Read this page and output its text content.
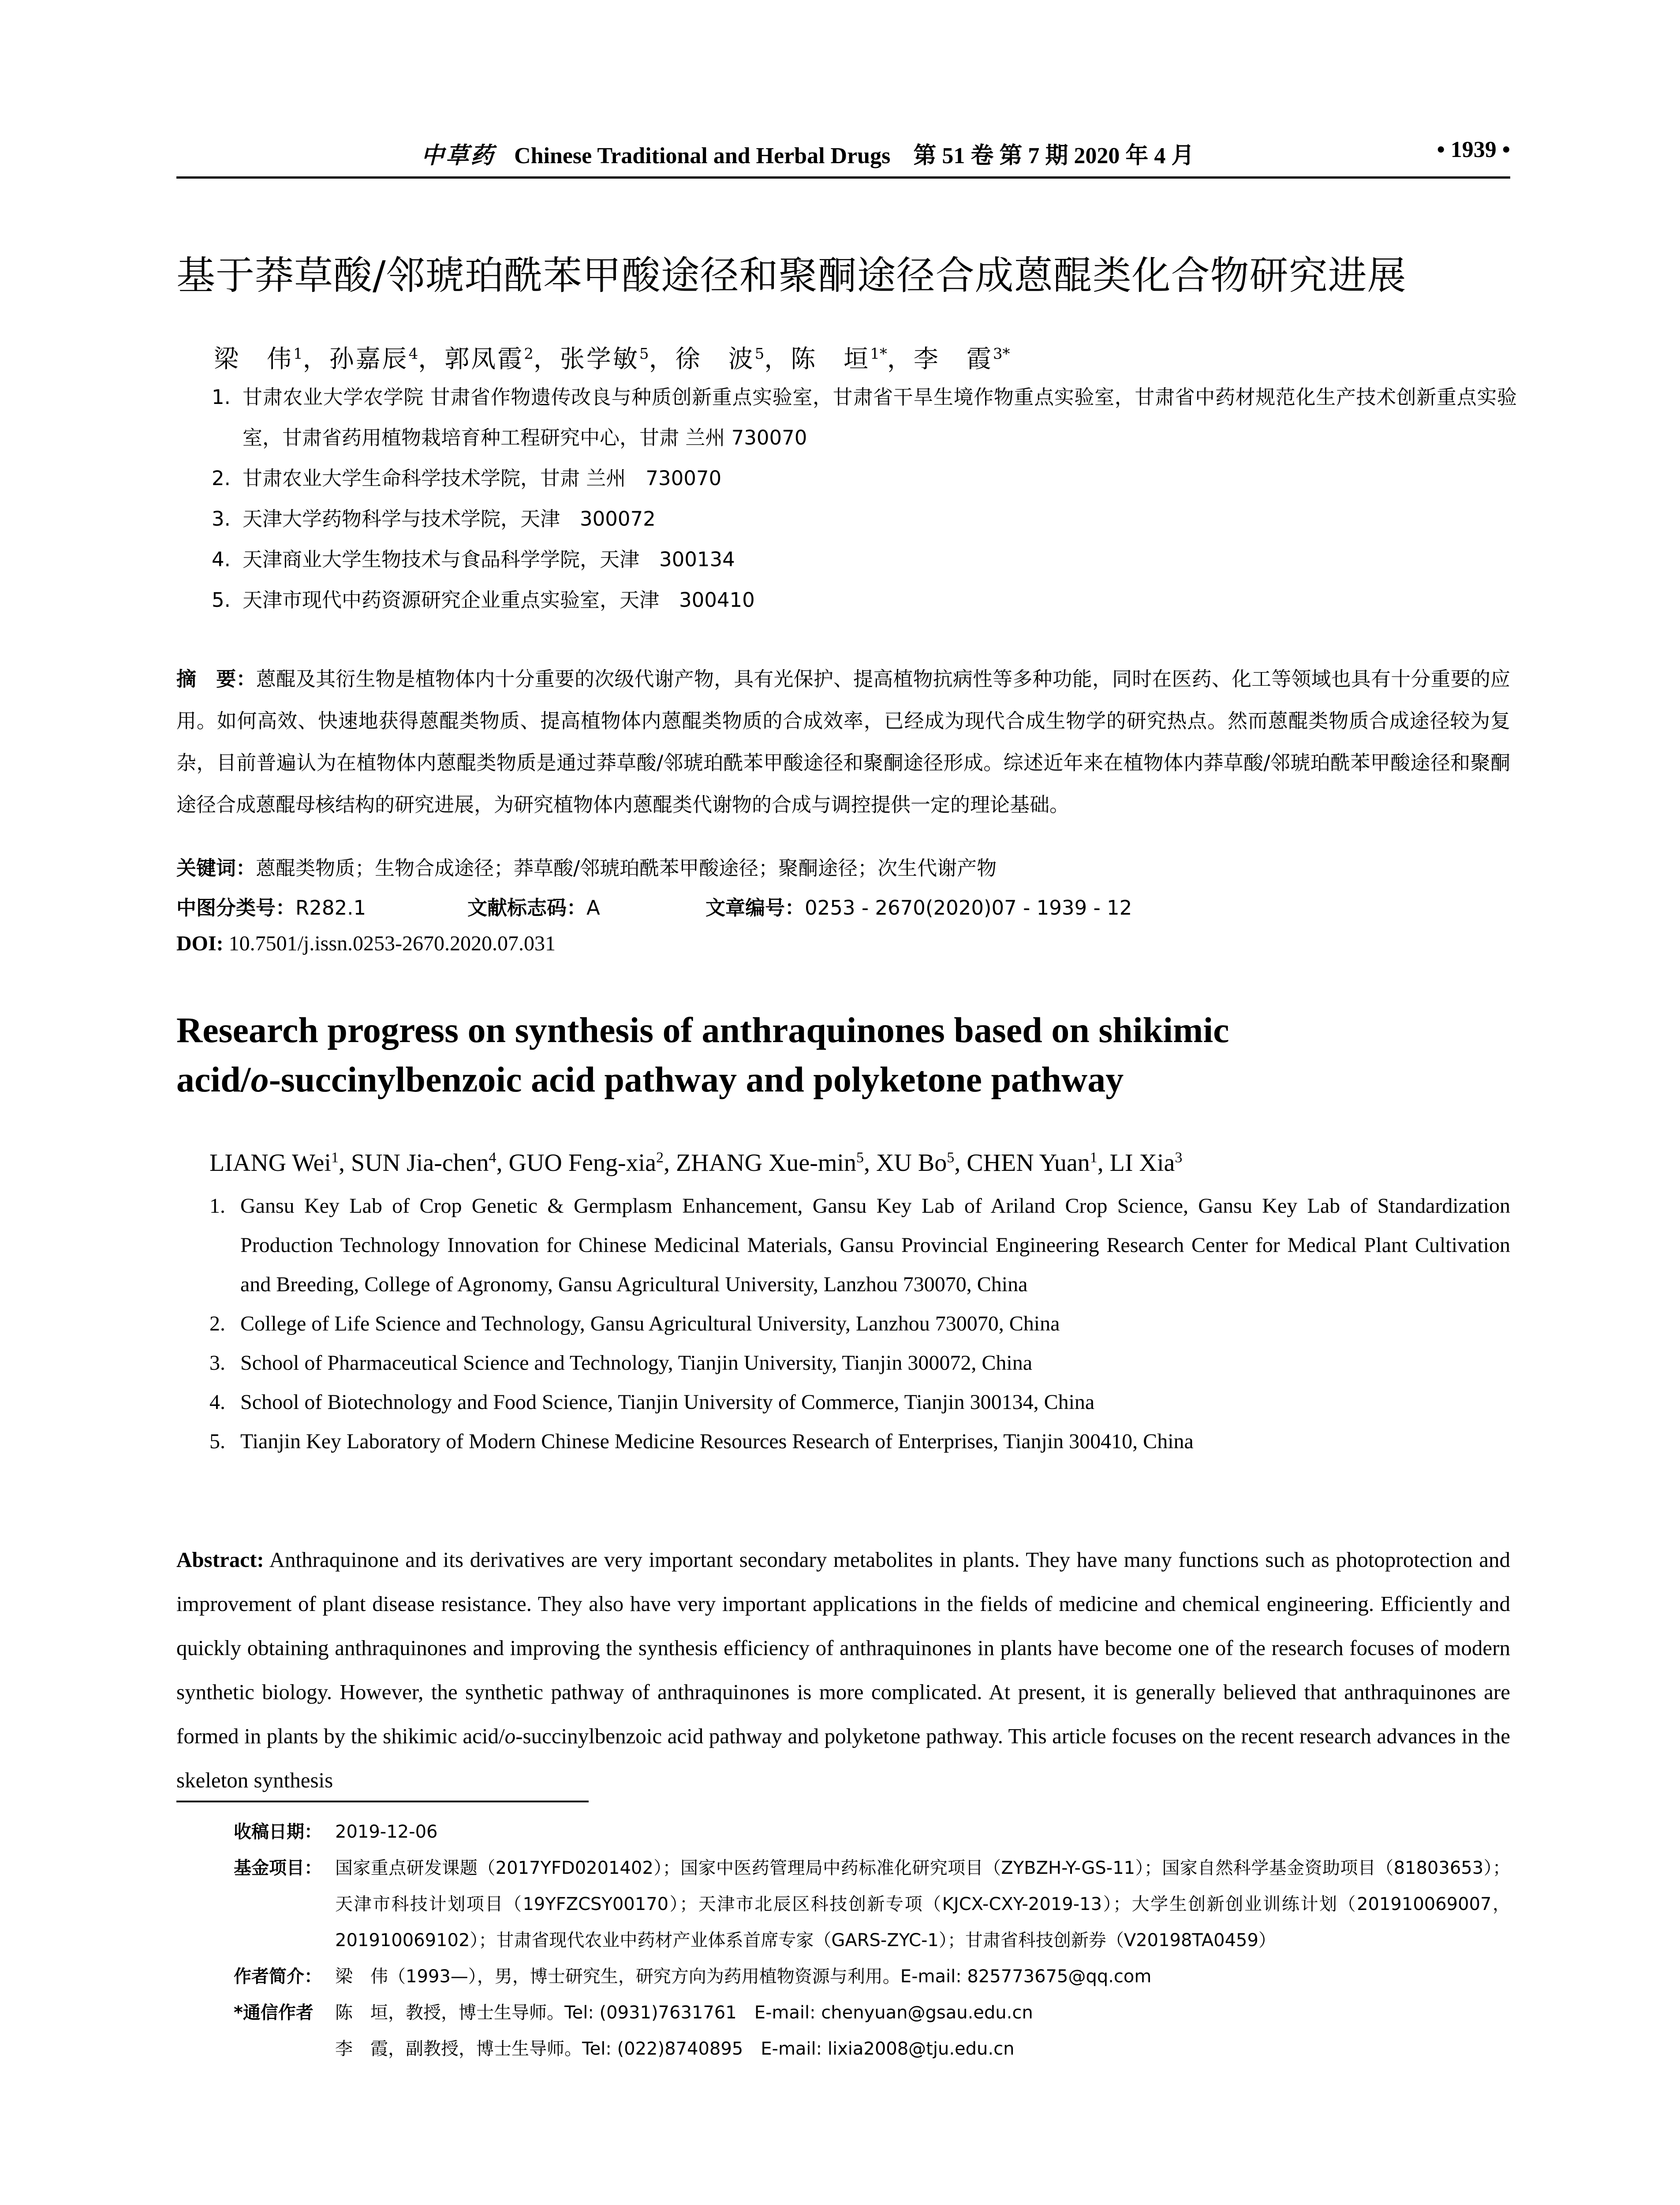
中草药 Chinese Traditional and Herbal Drugs　第 51 卷 第 7 期 2020 年 4 月	• 1939 •
基于莽草酸/邻琥珀酰苯甲酸途径和聚酮途径合成蒽醌类化合物研究进展
梁　伟$^1$，孙嘉辰$^4$，郭凤霞$^2$，张学敏$^5$，徐　波$^5$，陈　垣$^{1*}$，李　霞$^{3*}$
1. 甘肃农业大学农学院 甘肃省作物遗传改良与种质创新重点实验室，甘肃省干旱生境作物重点实验室，甘肃省中药材规范化生产技术创新重点实验室，甘肃省药用植物栽培育种工程研究中心，甘肃 兰州 730070
2. 甘肃农业大学生命科学技术学院，甘肃 兰州　730070
3. 天津大学药物科学与技术学院，天津　300072
4. 天津商业大学生物技术与食品科学学院，天津　300134
5. 天津市现代中药资源研究企业重点实验室，天津　300410
摘　要：蒽醌及其衍生物是植物体内十分重要的次级代谢产物，具有光保护、提高植物抗病性等多种功能，同时在医药、化工等领域也具有十分重要的应用。如何高效、快速地获得蒽醌类物质、提高植物体内蒽醌类物质的合成效率，已经成为现代合成生物学的研究热点。然而蒽醌类物质合成途径较为复杂，目前普遍认为在植物体内蒽醌类物质是通过莽草酸/邻琥珀酰苯甲酸途径和聚酮途径形成。综述近年来在植物体内莽草酸/邻琥珀酰苯甲酸途径和聚酮途径合成蒽醌母核结构的研究进展，为研究植物体内蒽醌类代谢物的合成与调控提供一定的理论基础。
关键词：蒽醌类物质；生物合成途径；莽草酸/邻琥珀酰苯甲酸途径；聚酮途径；次生代谢产物
中图分类号：R282.1	文献标志码：A	文章编号：0253 - 2670(2020)07 - 1939 - 12
DOI: 10.7501/j.issn.0253-2670.2020.07.031
Research progress on synthesis of anthraquinones based on shikimic
acid/o-succinylbenzoic acid pathway and polyketone pathway
LIANG Wei$^1$, SUN Jia-chen$^4$, GUO Feng-xia$^2$, ZHANG Xue-$\min^5$, XU Bo$^5$, CHEN Yuan$^1$, LI Xia$^3$
1. Gansu Key Lab of Crop Genetic & Germplasm Enhancement, Gansu Key Lab of Ariland Crop Science, Gansu Key Lab of Standardization Production Technology Innovation for Chinese Medicinal Materials, Gansu Provincial Engineering Research Center for Medical Plant Cultivation and Breeding, College of Agronomy, Gansu Agricultural University, Lanzhou 730070, China
2. College of Life Science and Technology, Gansu Agricultural University, Lanzhou 730070, China
3. School of Pharmaceutical Science and Technology, Tianjin University, Tianjin 300072, China
4. School of Biotechnology and Food Science, Tianjin University of Commerce, Tianjin 300134, China
5. Tianjin Key Laboratory of Modern Chinese Medicine Resources Research of Enterprises, Tianjin 300410, China
Abstract: Anthraquinone and its derivatives are very important secondary metabolites in plants. They have many functions such as photoprotection and improvement of plant disease resistance. They also have very important applications in the fields of medicine and chemical engineering. Efficiently and quickly obtaining anthraquinones and improving the synthesis efficiency of anthraquinones in plants have become one of the research focuses of modern synthetic biology. However, the synthetic pathway of anthraquinones is more complicated. At present, it is generally believed that anthraquinones are formed in plants by the shikimic acid/o-succinylbenzoic acid pathway and polyketone pathway. This article focuses on the recent research advances in the skeleton synthesis
收稿日期： 2019-12-06
基金项目： 国家重点研发课题（2017YFD0201402）；国家中医药管理局中药标准化研究项目（ZYBZH-Y-GS-11）；国家自然科学基金资助项目（81803653）；天津市科技计划项目（19YFZCSY00170）；天津市北辰区科技创新专项（KJCX-CXY-2019-13）；大学生创新创业训练计划（201910069007，201910069102）；甘肃省现代农业中药材产业体系首席专家（GARS-ZYC-1）；甘肃省科技创新券（V20198TA0459）
作者简介： 梁　伟（1993—），男，博士研究生，研究方向为药用植物资源与利用。E-mail: 825773675@qq.com
*通信作者	陈　垣，教授，博士生导师。Tel: (0931)7631761　E-mail: chenyuan@gsau.edu.cn
李　霞，副教授，博士生导师。Tel: (022)8740895　E-mail: lixia2008@tju.edu.cn
